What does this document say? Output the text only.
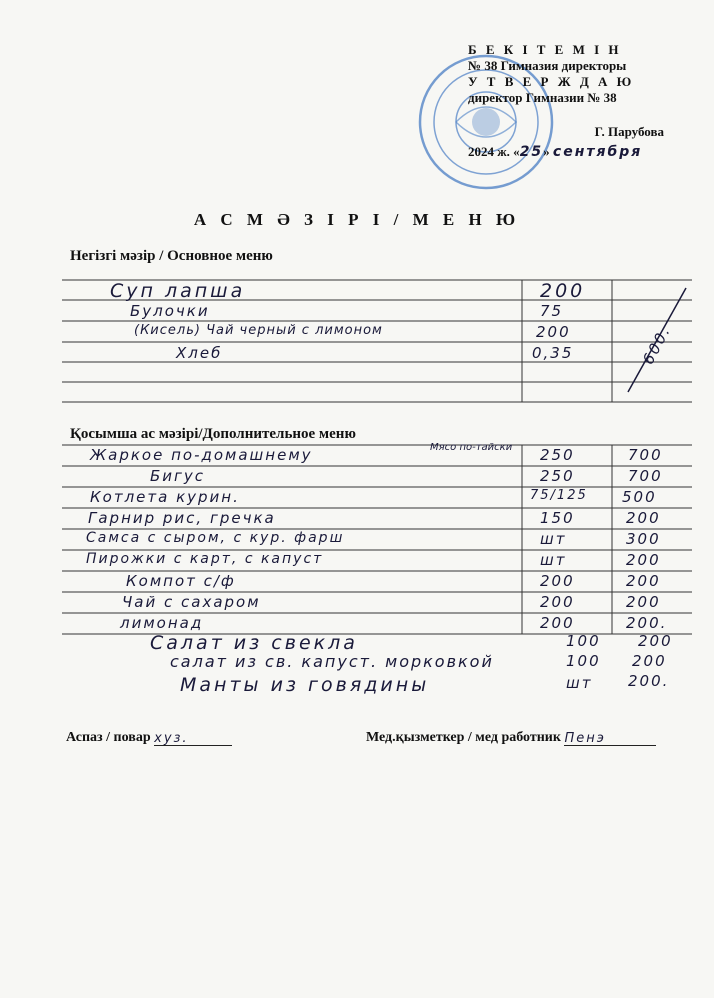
Б Е К І Т Е М І Н
№ 38 Гимназия директоры
У Т В Е Р Ж Д А Ю
директор Гимназии № 38
Г. Парубова
2024 ж. «25» сентября
А С М Ә З І Р І / М Е Н Ю
Негізгі мәзір / Основное меню
Қосымша ас мәзірі/Дополнительное меню
Суп лапша	200
Булочки	75
(Кисель) Чай черный с лимоном	200
Хлеб	0,35	600.
Жаркое по-домашнему	Мясо по-тайски 250	700
Бигус	250	700
Котлета курин.	75/125 500
Гарнир рис, гречка	150	200
Самса с сыром, с кур. фарш	шт	300
Пирожки с карт, с капуст	шт	200
Компот с/ф	200	200
Чай с сахаром	200	200
лимонад	200	200.
Салат из свекла	100 200
салат из св. капуст. морковкой	100 200
Манты из говядины	шт 200.
Аспаз / повар хуз.	Мед.қызметкер / мед работник Пенэ
